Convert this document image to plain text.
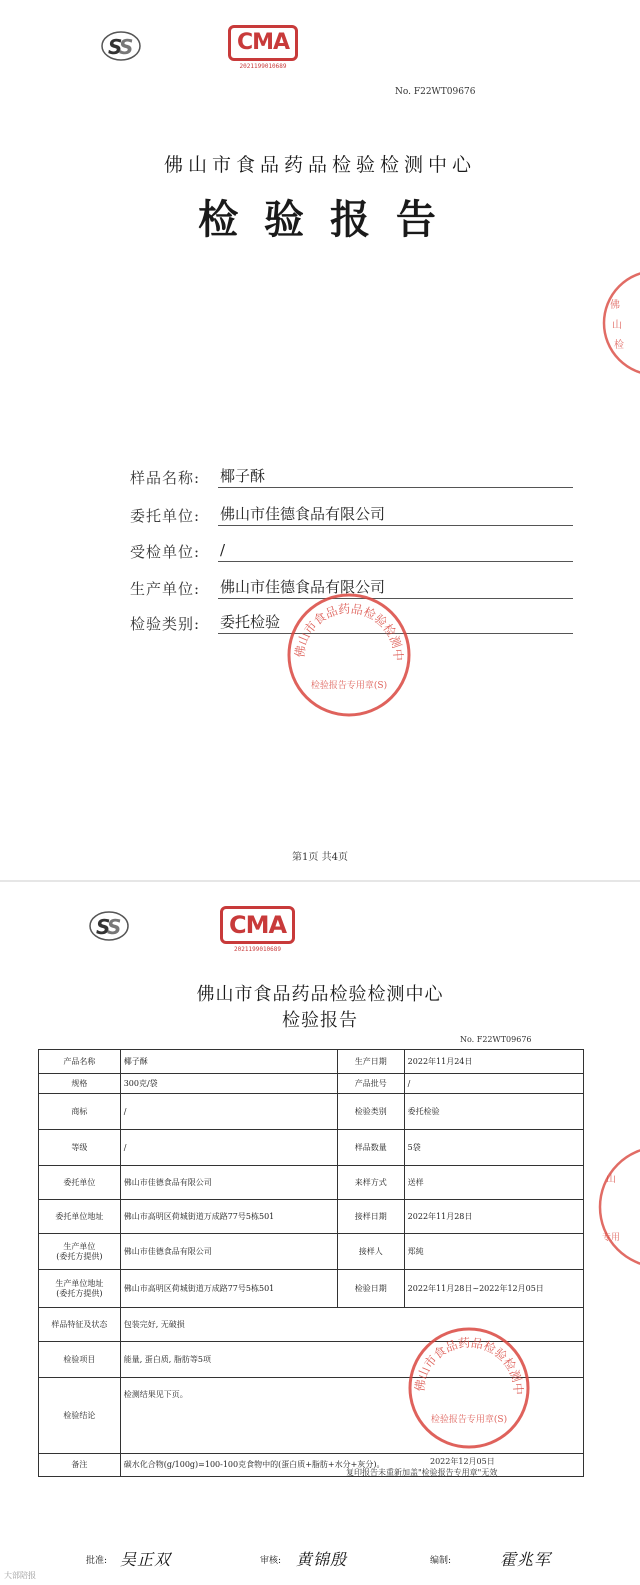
S
S	CMA
2021199010689
No. F22WT09676
佛山市食品药品检验检测中心
检 验 报 告
样品名称: 椰子酥
委托单位: 佛山市佳德食品有限公司
受检单位: /
生产单位: 佛山市佳德食品有限公司
检验类别: 委托检验
佛山市食品药品检验检测中
检验报告专用章(S)
佛
山
检
第1页 共4页
S
S	CMA
2021199010689
佛山市食品药品检验检测中心
检验报告
No. F22WT09676
产品名称	椰子酥	生产日期	2022年11月24日
规格	300克/袋	产品批号	/
商标	/	检验类别	委托检验
等级	/	样品数量	5袋
委托单位	佛山市佳德食品有限公司	来样方式	送样
委托单位地址	佛山市高明区荷城街道万成路77号5栋501	接样日期	2022年11月28日
生产单位
(委托方提供)
佛山市佳德食品有限公司	接样人	郑純
生产单位地址
(委托方提供)
佛山市高明区荷城街道万成路77号5栋501	检验日期	2022年11月28日~2022年12月05日
样品特征及状态	包装完好, 无破损
检验项目	能量, 蛋白质, 脂肪等5项
检验结论
检测结果见下页。
备注	碳水化合物(g/100g)=100-100克食物中的(蛋白质+脂肪+水分+灰分)。
佛山市食品药品检验检测中
检验报告专用章(S)
2022年12月05日
复印报告未重新加盖"检验报告专用章"无效
山
专用
批准: 吴正双	审核: 黄锦殷	编制:	霍兆军
大部陪报
